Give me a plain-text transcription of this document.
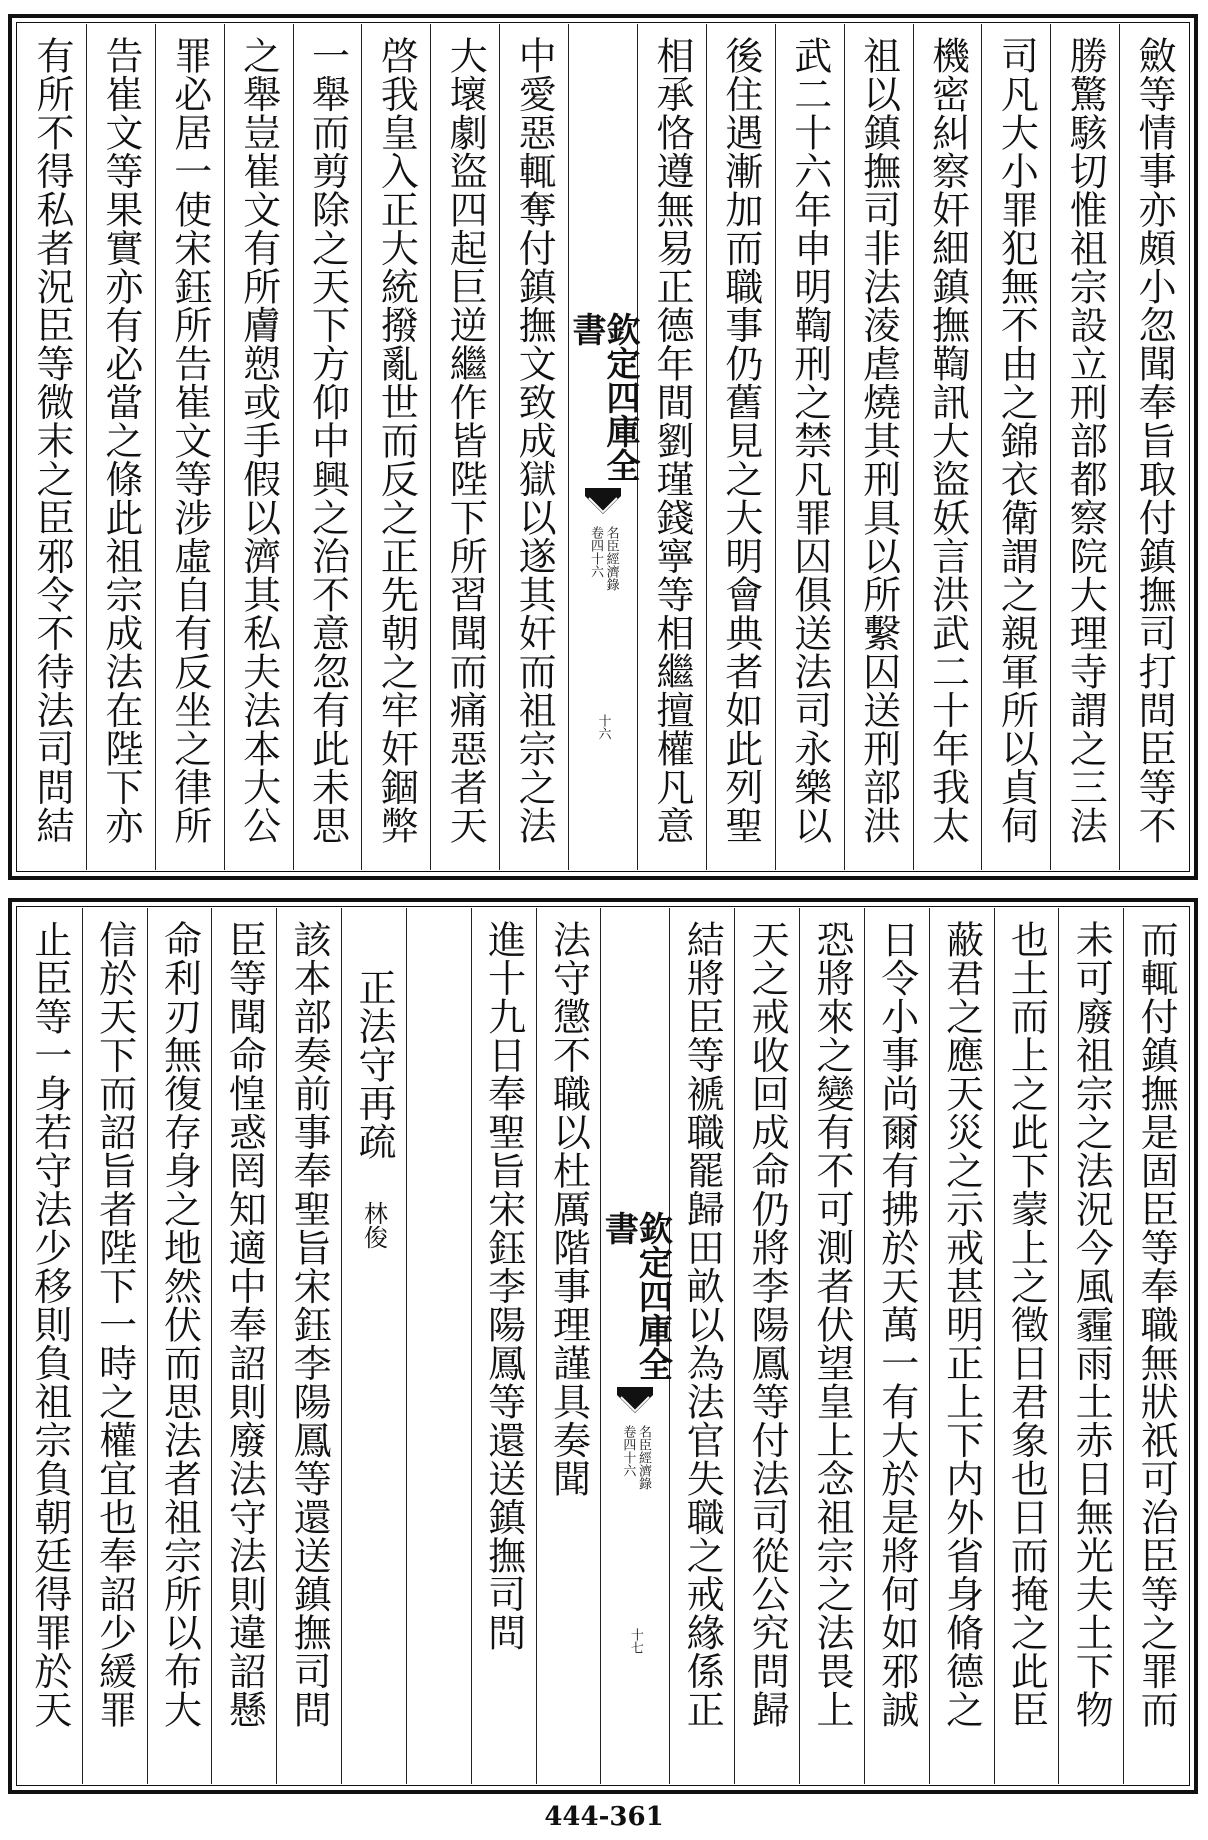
斂等情事亦頗小忽聞奉旨取付鎮撫司打問臣等不
勝驚駭切惟祖宗設立刑部都察院大理寺謂之三法
司凡大小罪犯無不由之錦衣衛謂之親軍所以貞伺
機密糾察奸細鎮撫鞫訊大盜妖言洪武二十年我太
祖以鎮撫司非法淩虐燒其刑具以所繫囚送刑部洪
武二十六年申明鞫刑之禁凡罪囚俱送法司永樂以
後住遇漸加而職事仍舊見之大明會典者如此列聖
相承恪遵無易正德年間劉瑾錢寧等相繼擅權凡意
欽定四庫全書
名臣經濟錄
卷四十六
十六
中愛惡輒奪付鎮撫文致成獄以遂其奸而祖宗之法
大壞劇盜四起巨逆繼作皆陛下所習聞而痛惡者天
啓我皇入正大統撥亂世而反之正先朝之牢奸錮弊
一舉而剪除之天下方仰中興之治不意忽有此未思
之舉豈崔文有所膚愬或手假以濟其私夫法本大公
罪必居一使宋鈺所告崔文等涉虛自有反坐之律所
告崔文等果實亦有必當之條此祖宗成法在陛下亦
有所不得私者況臣等微末之臣邪令不待法司問結
而輒付鎮撫是固臣等奉職無狀祇可治臣等之罪而
未可廢祖宗之法況今風霾雨土赤日無光夫土下物
也土而上之此下蒙上之徵日君象也日而掩之此臣
蔽君之應天災之示戒甚明正上下内外省身脩德之
日令小事尚爾有拂於天萬一有大於是將何如邪誠
恐將來之變有不可測者伏望皇上念祖宗之法畏上
天之戒收回成命仍將李陽鳳等付法司從公究問歸
結將臣等褫職罷歸田畝以為法官失職之戒緣係正
欽定四庫全書
名臣經濟錄
卷四十六
十七
法守懲不職以杜厲階事理謹具奏聞
進十九日奉聖旨宋鈺李陽鳳等還送鎮撫司問
正法守再疏
林俊
該本部奏前事奉聖旨宋鈺李陽鳳等還送鎮撫司問
臣等聞命惶惑罔知適中奉詔則廢法守法則違詔懸
命利刃無復存身之地然伏而思法者祖宗所以布大
信於天下而詔旨者陛下一時之權宜也奉詔少緩罪
止臣等一身若守法少移則負祖宗負朝廷得罪於天
444-361
